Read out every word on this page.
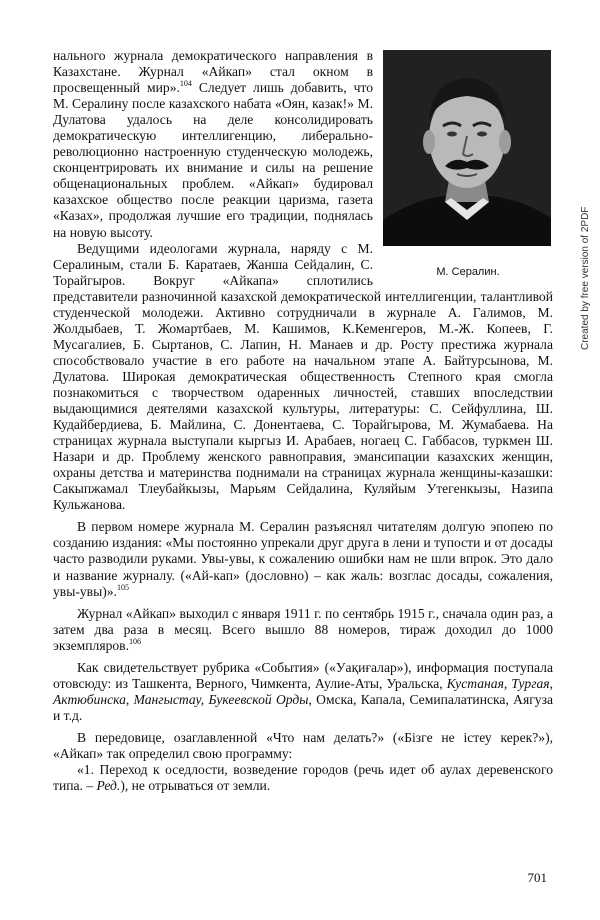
М. Сералин.

нального журнала демократического направления в Казахстане. Журнал «Айкап» стал окном в просвещенный мир».$^{104}$ Следует лишь добавить, что М. Сералину после казахского набата «Оян, казак!» М. Дулатова удалось на деле консолидировать демократическую интеллигенцию, либерально-революционно настроенную студенческую молодежь, сконцентрировать их внимание и силы на решение общенациональных проблем. «Айкап» будировал казахское общество после реакции царизма, газета «Казах», продолжая лучшие его традиции, поднялась на новую высоту.

Ведущими идеологами журнала, наряду с М. Сералиным, стали Б. Каратаев, Жанша Сейдалин, С. Торайгыров. Вокруг «Айкапа» сплотились представители разночинной казахской демократической интеллигенции, талантливой студенческой молодежи. Активно сотрудничали в журнале А. Галимов, М. Жолдыбаев, Т. Жомартбаев, М. Кашимов, К.Кеменгеров, М.-Ж. Копеев, Г. Мусагалиев, Б. Сыртанов, С. Лапин, Н. Манаев и др. Росту престижа журнала способствовало участие в его работе на начальном этапе А. Байтурсынова, М. Дулатова. Широкая демократическая общественность Степного края смогла познакомиться с творчеством одаренных личностей, ставших впоследствии выдающимися деятелями казахской культуры, литературы: С. Сейфуллина, Ш. Кудайбердиева, Б. Майлина, С. Донентаева, С. Торайгырова, М. Жумабаева. На страницах журнала выступали кыргыз И. Арабаев, ногаец С. Габбасов, туркмен Ш. Назари и др. Проблему женского равноправия, эмансипации казахских женщин, охраны детства и материнства поднимали на страницах журнала женщины-казашки: Сакыпжамал Тлеубайкызы, Марьям Сейдалина, Куляйым Утегенкызы, Назипа Кульжанова.

В первом номере журнала М. Сералин разъяснял читателям долгую эпопею по созданию издания: «Мы постоянно упрекали друг друга в лени и тупости и от досады часто разводили руками. Увы-увы, к сожалению ошибки нам не шли впрок. Это дало и название журналу. («Ай-кап» (дословно) – как жаль: возглас досады, сожаления, увы-увы)».$^{105}$

Журнал «Айкап» выходил с января 1911 г. по сентябрь 1915 г., сначала один раз, а затем два раза в месяц. Всего вышло 88 номеров, тираж доходил до 1000 экземпляров.$^{106}$

Как свидетельствует рубрика «События» («Уақиғалар»), информация поступала отовсюду: из Ташкента, Верного, Чимкента, Аулие-Аты, Уральска, Кустаная, Тургая, Актюбинска, Мангыстау, Букеевской Орды, Омска, Капала, Семипалатинска, Аягуза и т.д.

В передовице, озаглавленной «Что нам делать?» («Бізге не істеу керек?»), «Айкап» так определил свою программу:

«1. Переход к оседлости, возведение городов (речь идет об аулах деревенского типа. – Ред.), не отрываться от земли.

701
Created by free version of 2PDF
